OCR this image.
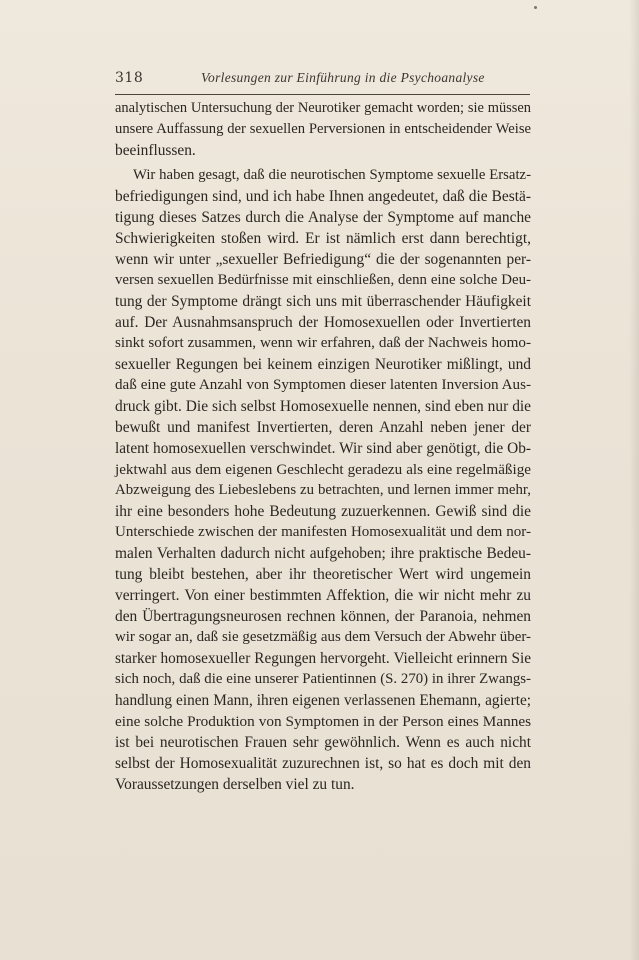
318	Vorlesungen zur Einführung in die Psychoanalyse
analytischen Untersuchung der Neurotiker gemacht worden; sie müssen
unsere Auffassung der sexuellen Perversionen in entscheidender Weise
beeinflussen.
Wir haben gesagt, daß die neurotischen Symptome sexuelle Ersatz-
befriedigungen sind, und ich habe Ihnen angedeutet, daß die Bestä-
tigung dieses Satzes durch die Analyse der Symptome auf manche
Schwierigkeiten stoßen wird. Er ist nämlich erst dann berechtigt,
wenn wir unter „sexueller Befriedigung“ die der sogenannten per-
versen sexuellen Bedürfnisse mit einschließen, denn eine solche Deu-
tung der Symptome drängt sich uns mit überraschender Häufigkeit
auf. Der Ausnahmsanspruch der Homosexuellen oder Invertierten
sinkt sofort zusammen, wenn wir erfahren, daß der Nachweis homo-
sexueller Regungen bei keinem einzigen Neurotiker mißlingt, und
daß eine gute Anzahl von Symptomen dieser latenten Inversion Aus-
druck gibt. Die sich selbst Homosexuelle nennen, sind eben nur die
bewußt und manifest Invertierten, deren Anzahl neben jener der
latent homosexuellen verschwindet. Wir sind aber genötigt, die Ob-
jektwahl aus dem eigenen Geschlecht geradezu als eine regelmäßige
Abzweigung des Liebeslebens zu betrachten, und lernen immer mehr,
ihr eine besonders hohe Bedeutung zuzuerkennen. Gewiß sind die
Unterschiede zwischen der manifesten Homosexualität und dem nor-
malen Verhalten dadurch nicht aufgehoben; ihre praktische Bedeu-
tung bleibt bestehen, aber ihr theoretischer Wert wird ungemein
verringert. Von einer bestimmten Affektion, die wir nicht mehr zu
den Übertragungsneurosen rechnen können, der Paranoia, nehmen
wir sogar an, daß sie gesetzmäßig aus dem Versuch der Abwehr über-
starker homosexueller Regungen hervorgeht. Vielleicht erinnern Sie
sich noch, daß die eine unserer Patientinnen (S. 270) in ihrer Zwangs-
handlung einen Mann, ihren eigenen verlassenen Ehemann, agierte;
eine solche Produktion von Symptomen in der Person eines Mannes
ist bei neurotischen Frauen sehr gewöhnlich. Wenn es auch nicht
selbst der Homosexualität zuzurechnen ist, so hat es doch mit den
Voraussetzungen derselben viel zu tun.
